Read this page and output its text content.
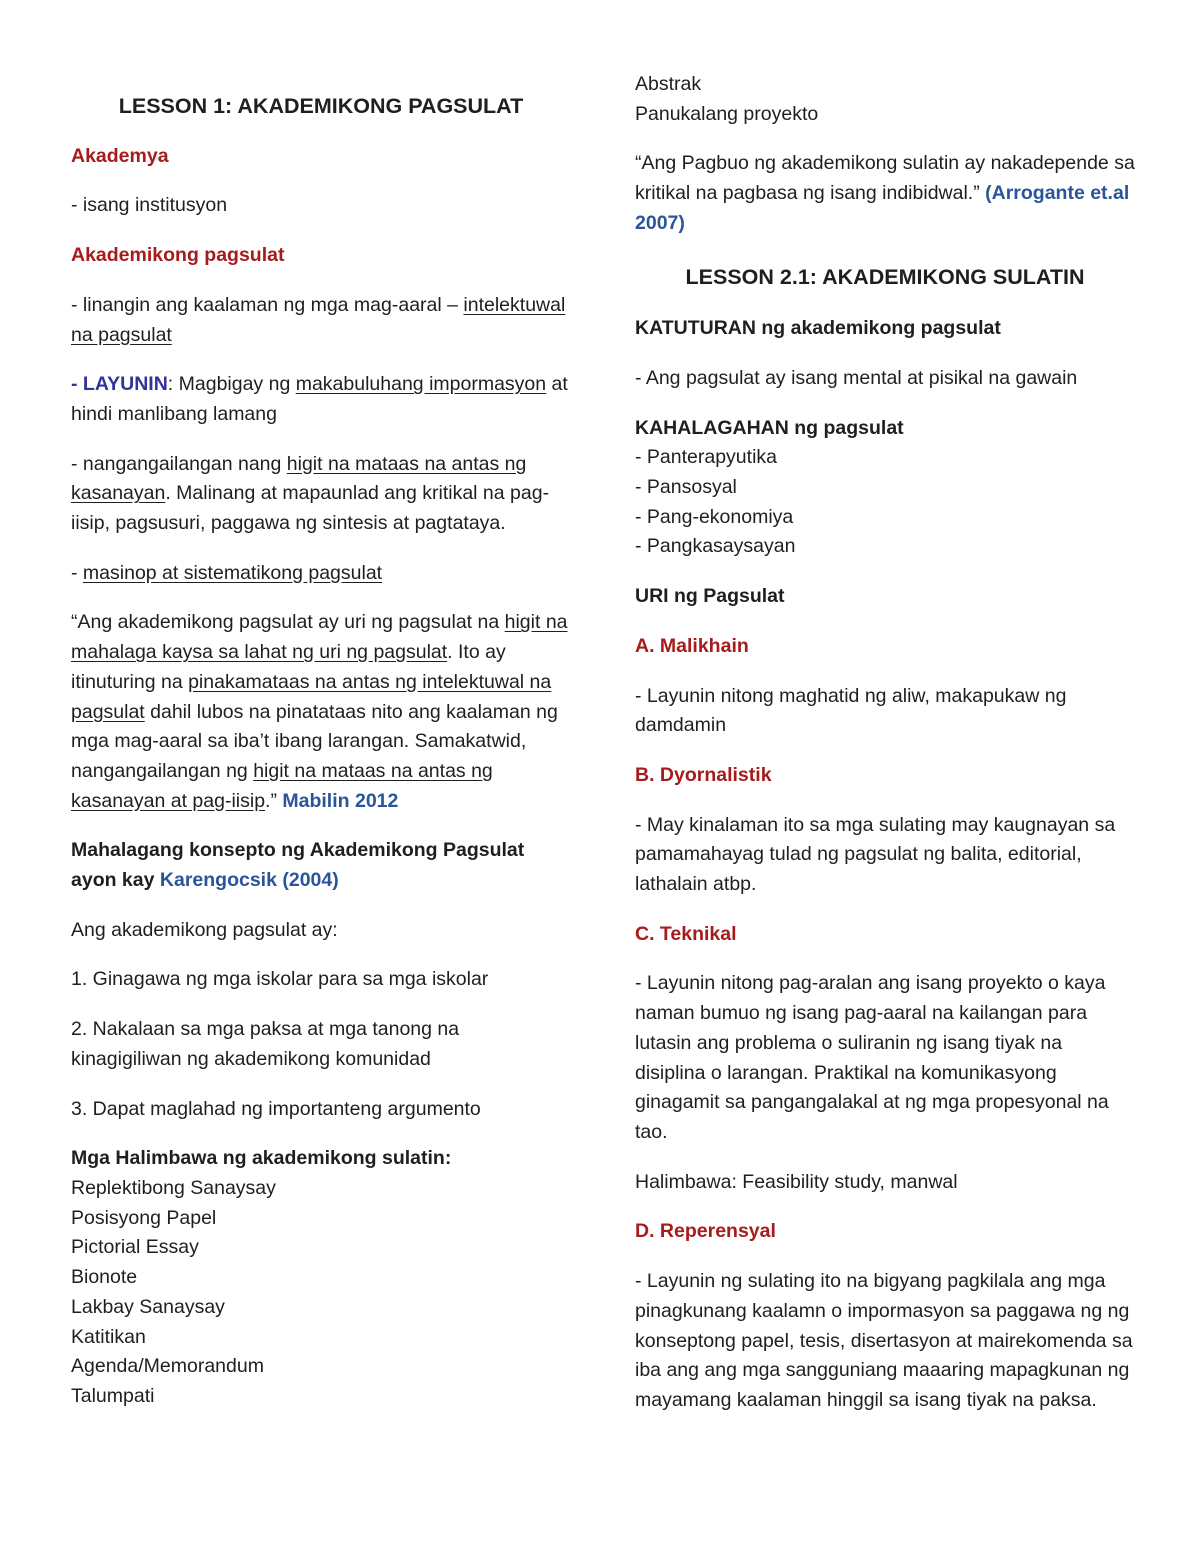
LESSON 1: AKADEMIKONG PAGSULAT

Akademya

- isang institusyon

Akademikong pagsulat

- linangin ang kaalaman ng mga mag-aaral – intelektuwal na pagsulat

- LAYUNIN: Magbigay ng makabuluhang impormasyon at hindi manlibang lamang

- nangangailangan nang higit na mataas na antas ng kasanayan. Malinang at mapaunlad ang kritikal na pag-iisip, pagsusuri, paggawa ng sintesis at pagtataya.

- masinop at sistematikong pagsulat

“Ang akademikong pagsulat ay uri ng pagsulat na higit na mahalaga kaysa sa lahat ng uri ng pagsulat. Ito ay itinuturing na pinakamataas na antas ng intelektuwal na pagsulat dahil lubos na pinatataas nito ang kaalaman ng mga mag-aaral sa iba’t ibang larangan. Samakatwid, nangangailangan ng higit na mataas na antas ng kasanayan at pag-iisip.” Mabilin 2012

Mahalagang konsepto ng Akademikong Pagsulat ayon kay Karengocsik (2004)

Ang akademikong pagsulat ay:

1. Ginagawa ng mga iskolar para sa mga iskolar

2. Nakalaan sa mga paksa at mga tanong na kinagigiliwan ng akademikong komunidad

3. Dapat maglahad ng importanteng argumento

Mga Halimbawa ng akademikong sulatin:

Replektibong Sanaysay

Posisyong Papel

Pictorial Essay

Bionote

Lakbay Sanaysay

Katitikan

Agenda/Memorandum

Talumpati

Abstrak

Panukalang proyekto

“Ang Pagbuo ng akademikong sulatin ay nakadepende sa kritikal na pagbasa ng isang indibidwal.” (Arrogante et.al 2007)

LESSON 2.1: AKADEMIKONG SULATIN

KATUTURAN ng akademikong pagsulat

- Ang pagsulat ay isang mental at pisikal na gawain

KAHALAGAHAN ng pagsulat

- Panterapyutika

- Pansosyal

- Pang-ekonomiya

- Pangkasaysayan

URI ng Pagsulat

A. Malikhain

- Layunin nitong maghatid ng aliw, makapukaw ng damdamin

B. Dyornalistik

- May kinalaman ito sa mga sulating may kaugnayan sa pamamahayag tulad ng pagsulat ng balita, editorial, lathalain atbp.

C. Teknikal

- Layunin nitong pag-aralan ang isang proyekto o kaya naman bumuo ng isang pag-aaral na kailangan para lutasin ang problema o suliranin ng isang tiyak na disiplina o larangan. Praktikal na komunikasyong ginagamit sa pangangalakal at ng mga propesyonal na tao.

Halimbawa: Feasibility study, manwal

D. Reperensyal

- Layunin ng sulating ito na bigyang pagkilala ang mga pinagkunang kaalamn o impormasyon sa paggawa ng ng konseptong papel, tesis, disertasyon at mairekomenda sa iba ang ang mga sangguniang maaaring mapagkunan ng mayamang kaalaman hinggil sa isang tiyak na paksa.
